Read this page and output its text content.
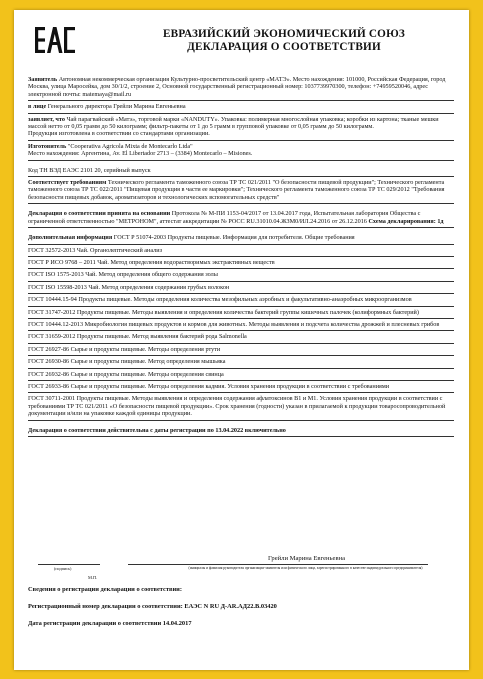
ЕВРАЗИЙСКИЙ ЭКОНОМИЧЕСКИЙ СОЮЗ
ДЕКЛАРАЦИЯ О СООТВЕТСТВИИ

Заявитель Автономная некоммерческая организация Культурно-просветительский центр «МАТЭ». Место нахождения: 101000, Российская Федерация, город Москва, улица Маросейка, дом 30/1/2, строение 2, Основной государственный регистрационный номер: 1037739970300, телефон: +74959520046, адрес электронной почты: matemaya@mail.ru

в лице Генерального директора Грейли Марина Евгеньевна

заявляет, что Чай парагвайский «Матэ», торговой марки «NANDUTY». Упаковка: полимерная многослойная упаковка; коробки из картона; тканые мешки массой нетто от 0,05 грамм до 50 килограмм; фильтр-пакеты от 1 до 5 грамм в групповой упаковке от 0,05 грамм до 50 килограмм.

Продукция изготовлена в соответствии со стандартами организации.

Изготовитель "Cooperativa Agricola Mixta de Montecarlo Ltda"

Место нахождения: Аргентина, Av. El Libertador 2713 – (3384) Montecarlo – Misiones.

Код ТН ВЭД ЕАЭС 2101 20, серийный выпуск

Соответствует требованиям Технического регламента таможенного союза ТР ТС 021/2011 "О безопасности пищевой продукции"; Технического регламента таможенного союза ТР ТС 022/2011 "Пищевая продукция в части ее маркировки"; Технического регламента таможенного союза ТР ТС 029/2012 "Требования безопасности пищевых добавок, ароматизаторов и технологических вспомогательных средств"

Декларация о соответствии принята на основании Протокола № М-ПИ 1153-04/2017 от 13.04.2017 года, Испытательная лаборатория Общества с ограниченной ответственностью "МЕТРОНОМ", аттестат аккредитации № РОСС RU.31010.04.ЖЗМ0/ИЛ.24.2016 от 26.12.2016 Схема декларирования: 1д

Дополнительная информация ГОСТ Р 51074-2003 Продукты пищевые. Информация для потребителя. Общие требования

ГОСТ 32572-2013 Чай. Органолептический анализ

ГОСТ Р ИСО 9768 – 2011 Чай. Метод определения водорастворимых экстрактивных веществ

ГОСТ ISO 1575-2013 Чай. Метод определения общего содержания золы

ГОСТ ISO 15598-2013 Чай. Метод определения содержания грубых волокон

ГОСТ 10444.15-94 Продукты пищевые. Методы определения количества мезофильных аэробных и факультативно-анаэробных микроорганизмов

ГОСТ 31747-2012 Продукты пищевые. Методы выявления и определения количества бактерий группы кишечных палочек (колиформных бактерий)

ГОСТ 10444.12-2013 Микробиология пищевых продуктов и кормов для животных. Методы выявления и подсчета количества дрожжей и плесневых грибов

ГОСТ 31659-2012 Продукты пищевые. Метод выявления бактерий рода Salmonella

ГОСТ 26927-86 Сырье и продукты пищевые. Методы определения ртути

ГОСТ 26930-86 Сырье и продукты пищевые. Метод определения мышьяка

ГОСТ 26932-86 Сырье и продукты пищевые. Методы определения свинца

ГОСТ 26933-86 Сырье и продукты пищевые. Методы определения кадмия. Условия хранения продукции в соответствии с требованиями

ГОСТ 30711-2001 Продукты пищевые. Методы выявления и определения содержания афлатоксинов B1 и M1. Условия хранения продукции в соответствии с требованиями ТР ТС 021/2011 «О безопасности пищевой продукции». Срок хранения (годности) указан в прилагаемой к продукции товаросопроводительной документации и/или на упаковке каждой единицы продукции.

Декларация о соответствии действительна с даты регистрации по 13.04.2022 включительно

Грейли Марина Евгеньевна
(подпись)	(инициалы и фамилия руководителя организации-заявителя или физического лица, зарегистрированного в качестве индивидуального предпринимателя)
М.П.

Сведения о регистрации декларации о соответствии:

Регистрационный номер декларации о соответствии: ЕАЭС N RU Д-AR.АД22.В.03420

Дата регистрации декларации о соответствии 14.04.2017
